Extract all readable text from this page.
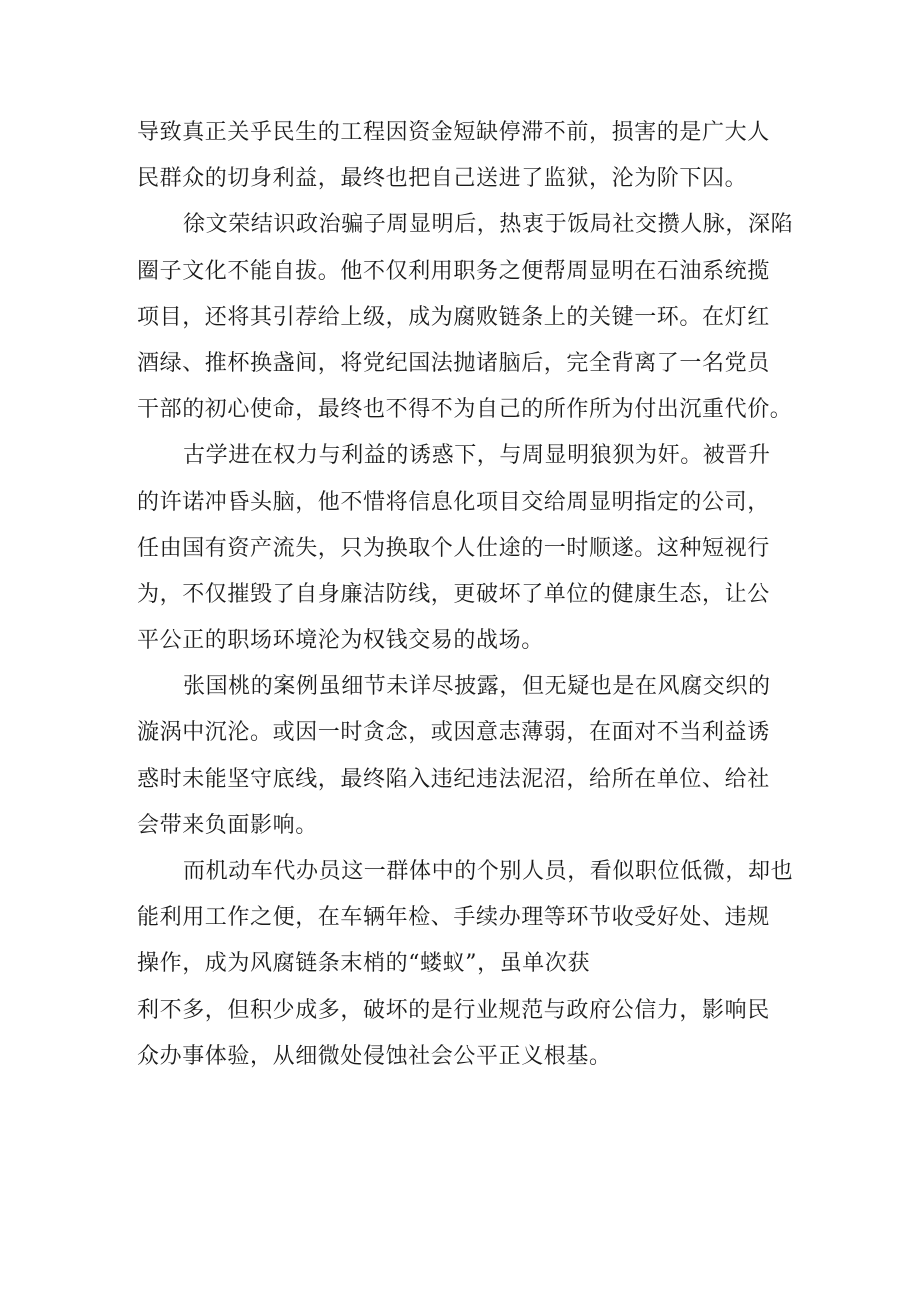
导致真正关乎民生的工程因资金短缺停滞不前，损害的是广大人
民群众的切身利益，最终也把自己送进了监狱，沦为阶下囚。
徐文荣结识政治骗子周显明后，热衷于饭局社交攒人脉，深陷
圈子文化不能自拔。他不仅利用职务之便帮周显明在石油系统揽
项目，还将其引荐给上级，成为腐败链条上的关键一环。在灯红
酒绿、推杯换盏间，将党纪国法抛诸脑后，完全背离了一名党员
干部的初心使命，最终也不得不为自己的所作所为付出沉重代价。
古学进在权力与利益的诱惑下，与周显明狼狈为奸。被晋升
的许诺冲昏头脑，他不惜将信息化项目交给周显明指定的公司，
任由国有资产流失，只为换取个人仕途的一时顺遂。这种短视行
为，不仅摧毁了自身廉洁防线，更破坏了单位的健康生态，让公
平公正的职场环境沦为权钱交易的战场。
张国桃的案例虽细节未详尽披露，但无疑也是在风腐交织的
漩涡中沉沦。或因一时贪念，或因意志薄弱，在面对不当利益诱
惑时未能坚守底线，最终陷入违纪违法泥沼，给所在单位、给社
会带来负面影响。
而机动车代办员这一群体中的个别人员，看似职位低微，却也
能利用工作之便，在车辆年检、手续办理等环节收受好处、违规
操作，成为风腐链条末梢的“蝼蚁”，虽单次获
利不多，但积少成多，破坏的是行业规范与政府公信力，影响民
众办事体验，从细微处侵蚀社会公平正义根基。
